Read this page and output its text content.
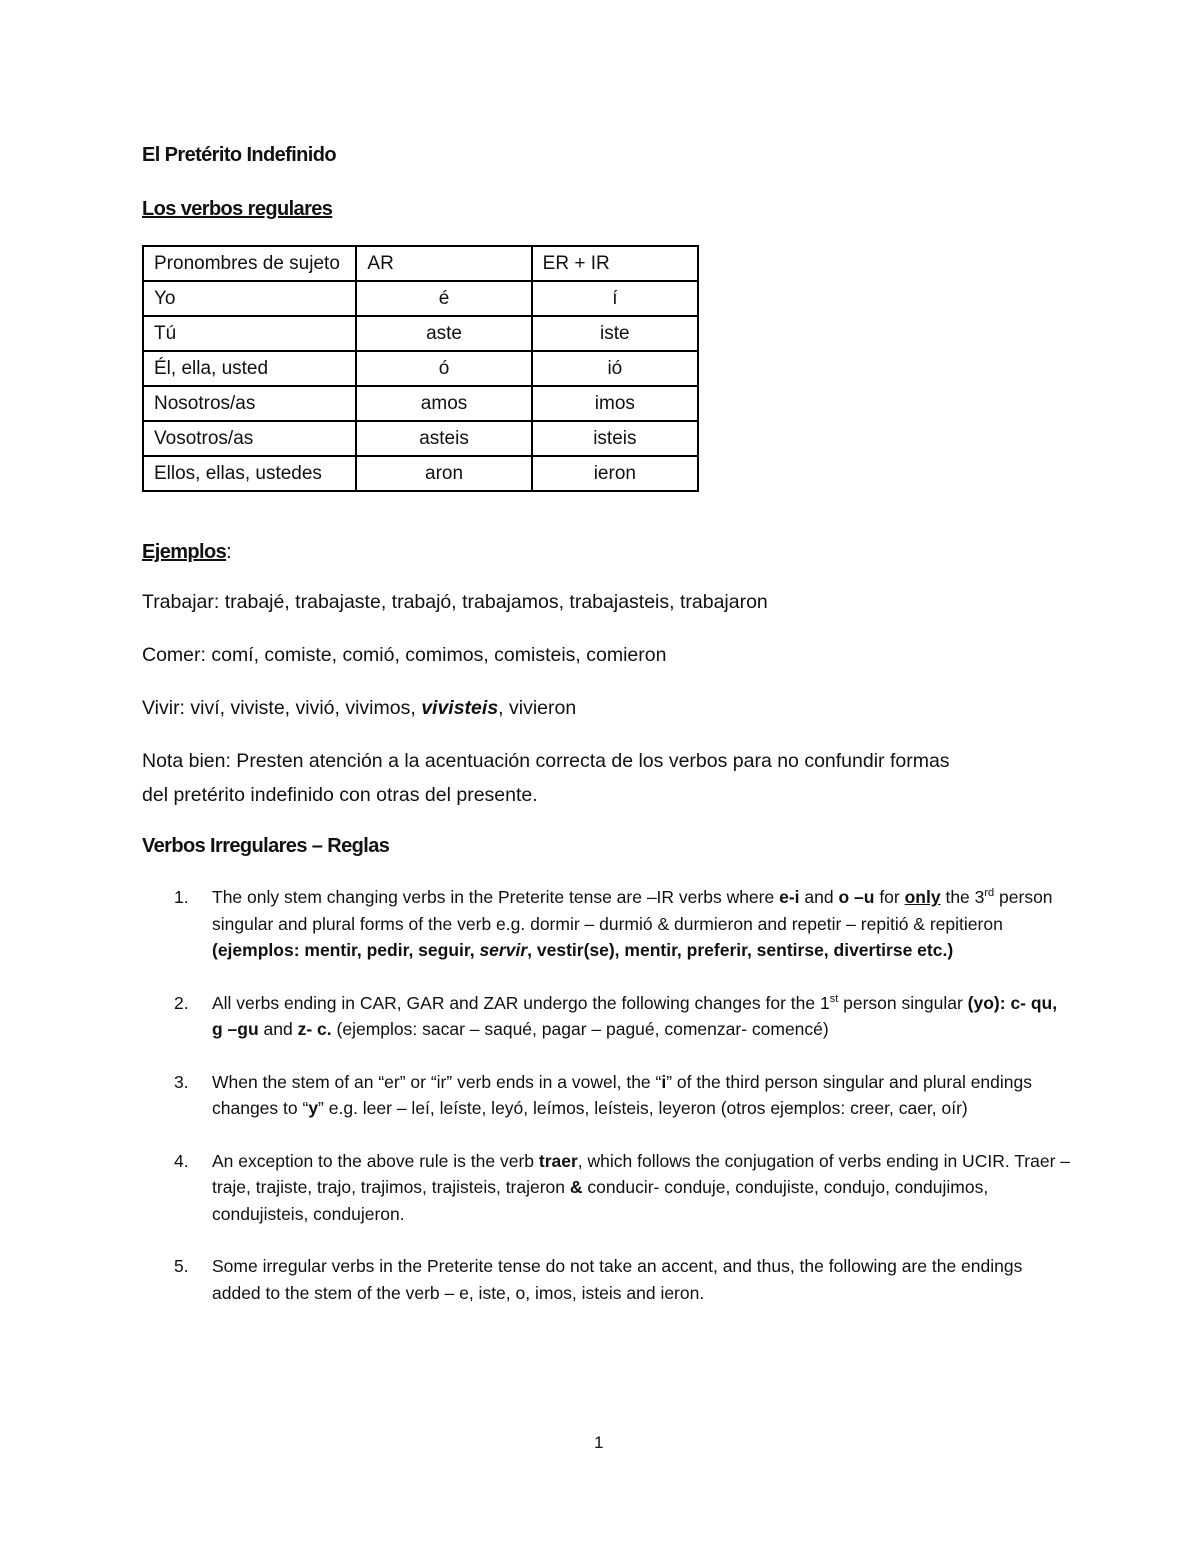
El Pretérito Indefinido
Los verbos regulares
Pronombres de sujeto	AR	ER + IR
Yo	é	í
Tú	aste	iste
Él, ella, usted	ó	ió
Nosotros/as	amos	imos
Vosotros/as	asteis	isteis
Ellos, ellas, ustedes	aron	ieron
Ejemplos:
Trabajar: trabajé, trabajaste, trabajó, trabajamos, trabajasteis, trabajaron
Comer: comí, comiste, comió, comimos, comisteis, comieron
Vivir: viví, viviste, vivió, vivimos, vivisteis, vivieron
Nota bien: Presten atención a la acentuación correcta de los verbos para no confundir formas
del pretérito indefinido con otras del presente.
Verbos Irregulares – Reglas
1. The only stem changing verbs in the Preterite tense are –IR verbs where e-i and o –u for only the 3rd person singular and plural forms of the verb e.g. dormir – durmió & durmieron and repetir – repitió & repitieron (ejemplos: mentir, pedir, seguir, servir, vestir(se), mentir, preferir, sentirse, divertirse etc.)
2. All verbs ending in CAR, GAR and ZAR undergo the following changes for the 1st person singular (yo): c- qu, g –gu and z- c. (ejemplos: sacar – saqué, pagar – pagué, comenzar- comencé)
3. When the stem of an “er” or “ir” verb ends in a vowel, the “i” of the third person singular and plural endings changes to “y” e.g. leer – leí, leíste, leyó, leímos, leísteis, leyeron (otros ejemplos: creer, caer, oír)
4. An exception to the above rule is the verb traer, which follows the conjugation of verbs ending in UCIR. Traer – traje, trajiste, trajo, trajimos, trajisteis, trajeron & conducir- conduje, condujiste, condujo, condujimos, condujisteis, condujeron.
5. Some irregular verbs in the Preterite tense do not take an accent, and thus, the following are the endings added to the stem of the verb – e, iste, o, imos, isteis and ieron.
1
